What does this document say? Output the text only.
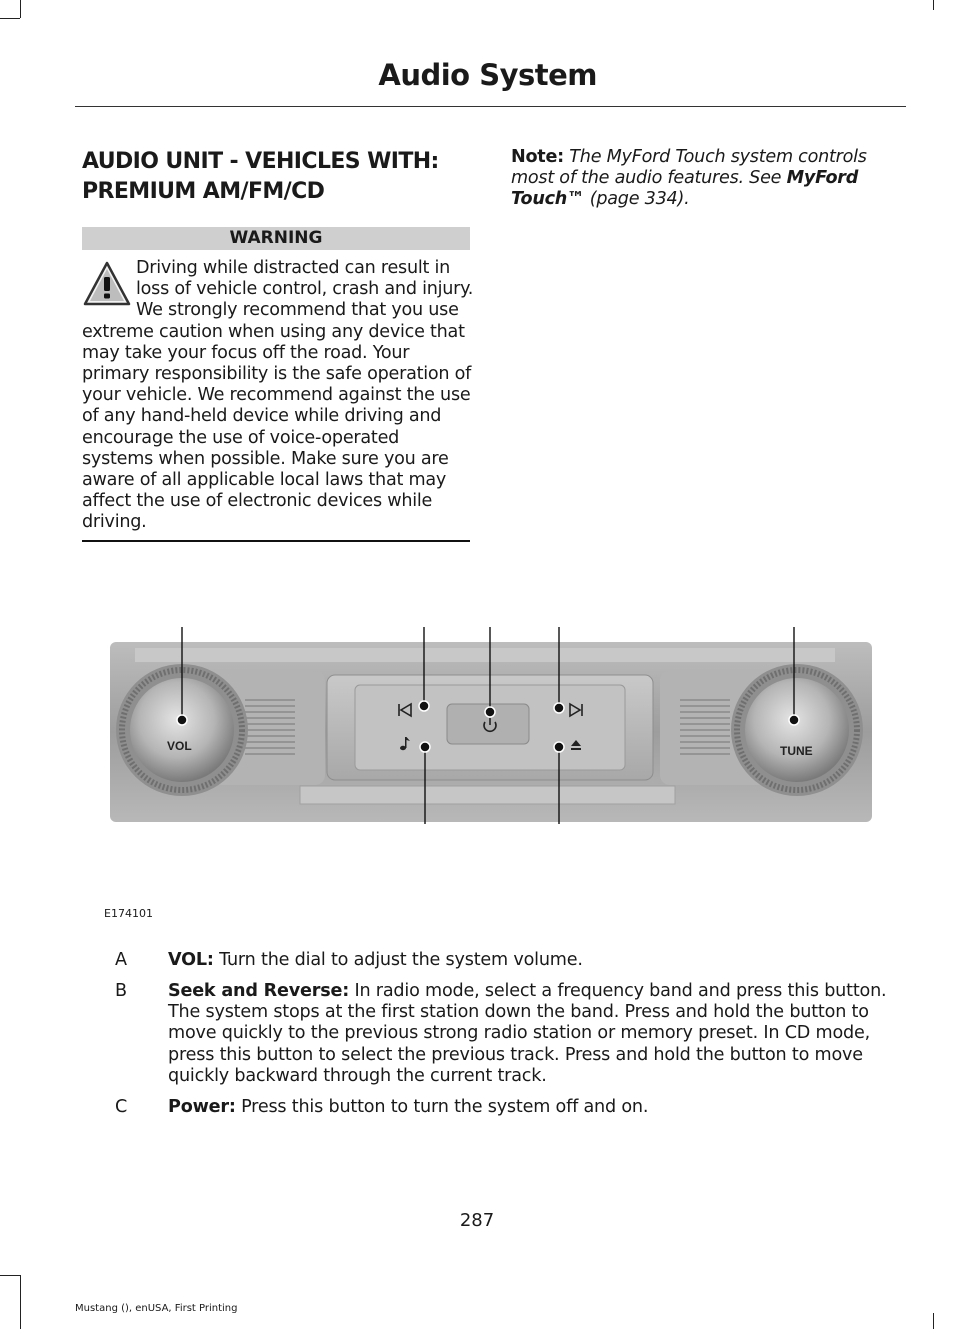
Audio System
AUDIO UNIT - VEHICLES WITH: PREMIUM AM/FM/CD
WARNING
Driving while distracted can result in loss of vehicle control, crash and injury. We strongly recommend that you use extreme caution when using any device that may take your focus off the road. Your primary responsibility is the safe operation of your vehicle. We recommend against the use of any hand-held device while driving and encourage the use of voice-operated systems when possible. Make sure you are aware of all applicable local laws that may affect the use of electronic devices while driving.
Note: The MyFord Touch system controls most of the audio features. See MyFord Touch™ (page 334).
VOL	TUNE
E174101
A	VOL: Turn the dial to adjust the system volume.
B	Seek and Reverse: In radio mode, select a frequency band and press this button. The system stops at the first station down the band. Press and hold the button to move quickly to the previous strong radio station or memory preset. In CD mode, press this button to select the previous track. Press and hold the button to move quickly backward through the current track.
C	Power: Press this button to turn the system off and on.
287
Mustang (), enUSA, First Printing
